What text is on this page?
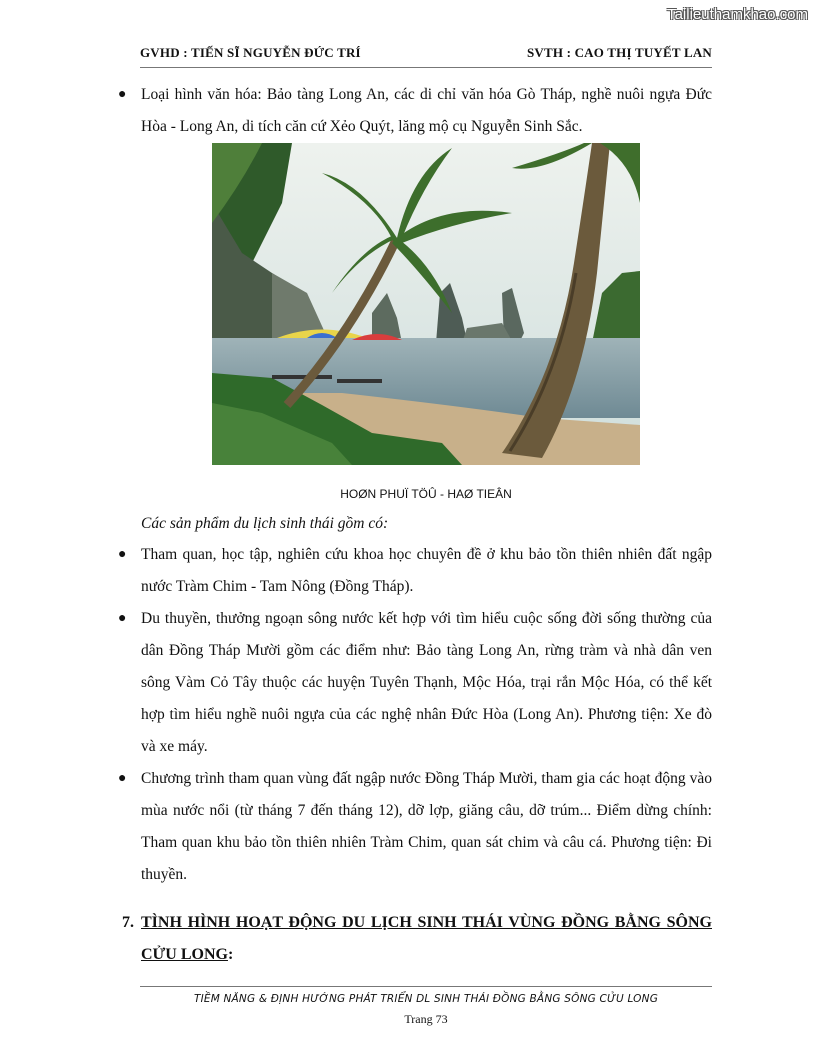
Tailieuthamkhao.com
GVHD : TIẾN SĨ NGUYỄN ĐỨC TRÍ	SVTH : CAO THỊ TUYẾT LAN
● Loại hình văn hóa: Bảo tàng Long An, các di chỉ văn hóa Gò Tháp, nghề nuôi ngựa Đức Hòa - Long An, di tích căn cứ Xẻo Quýt, lăng mộ cụ Nguyễn Sinh Sắc.
HOØN PHUÏ TÖÛ - HAØ TIEÂN
Các sản phẩm du lịch sinh thái gồm có:
● Tham quan, học tập, nghiên cứu khoa học chuyên đề ở khu bảo tồn thiên nhiên đất ngập nước Tràm Chim - Tam Nông (Đồng Tháp).
● Du thuyền, thưởng ngoạn sông nước kết hợp với tìm hiểu cuộc sống đời sống thường của dân Đồng Tháp Mười gồm các điểm như: Bảo tàng Long An, rừng tràm và nhà dân ven sông Vàm Cỏ Tây thuộc các huyện Tuyên Thạnh, Mộc Hóa, trại rắn Mộc Hóa, có thể kết hợp tìm hiểu nghề nuôi ngựa của các nghệ nhân Đức Hòa (Long An). Phương tiện: Xe đò và xe máy.
● Chương trình tham quan vùng đất ngập nước Đồng Tháp Mười, tham gia các hoạt động vào mùa nước nổi (từ tháng 7 đến tháng 12), dỡ lợp, giăng câu, dỡ trúm... Điểm dừng chính: Tham quan khu bảo tồn thiên nhiên Tràm Chim, quan sát chim và câu cá. Phương tiện: Đi thuyền.
7. TÌNH HÌNH HOẠT ĐỘNG DU LỊCH SINH THÁI VÙNG ĐỒNG BẰNG SÔNG CỬU LONG:
TIỀM NĂNG & ĐỊNH HƯỚNG PHÁT TRIỂN DL SINH THÁI ĐỒNG BẰNG SÔNG CỬU LONG
Trang 73
